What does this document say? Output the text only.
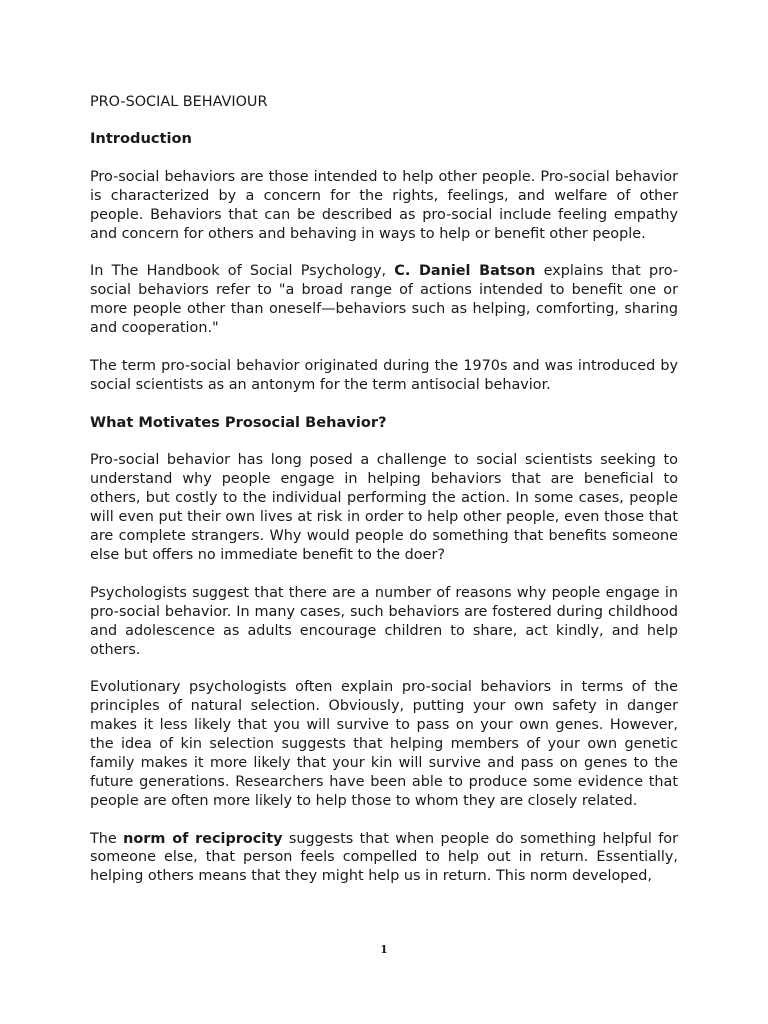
PRO-SOCIAL BEHAVIOUR
Introduction

Pro-social behaviors are those intended to help other people. Pro-social behavior is characterized by a concern for the rights, feelings, and welfare of other people. Behaviors that can be described as pro-social include feeling empathy and concern for others and behaving in ways to help or benefit other people.

In The Handbook of Social Psychology, C. Daniel Batson explains that pro-social behaviors refer to "a broad range of actions intended to benefit one or more people other than oneself—behaviors such as helping, comforting, sharing and cooperation."

The term pro-social behavior originated during the 1970s and was introduced by social scientists as an antonym for the term antisocial behavior.

What Motivates Prosocial Behavior?

Pro-social behavior has long posed a challenge to social scientists seeking to understand why people engage in helping behaviors that are beneficial to others, but costly to the individual performing the action. In some cases, people will even put their own lives at risk in order to help other people, even those that are complete strangers. Why would people do something that benefits someone else but offers no immediate benefit to the doer?

Psychologists suggest that there are a number of reasons why people engage in pro-social behavior. In many cases, such behaviors are fostered during childhood and adolescence as adults encourage children to share, act kindly, and help others.

Evolutionary psychologists often explain pro-social behaviors in terms of the principles of natural selection. Obviously, putting your own safety in danger makes it less likely that you will survive to pass on your own genes. However, the idea of kin selection suggests that helping members of your own genetic family makes it more likely that your kin will survive and pass on genes to the future generations. Researchers have been able to produce some evidence that people are often more likely to help those to whom they are closely related.

The norm of reciprocity suggests that when people do something helpful for someone else, that person feels compelled to help out in return. Essentially, helping others means that they might help us in return. This norm developed,

1
